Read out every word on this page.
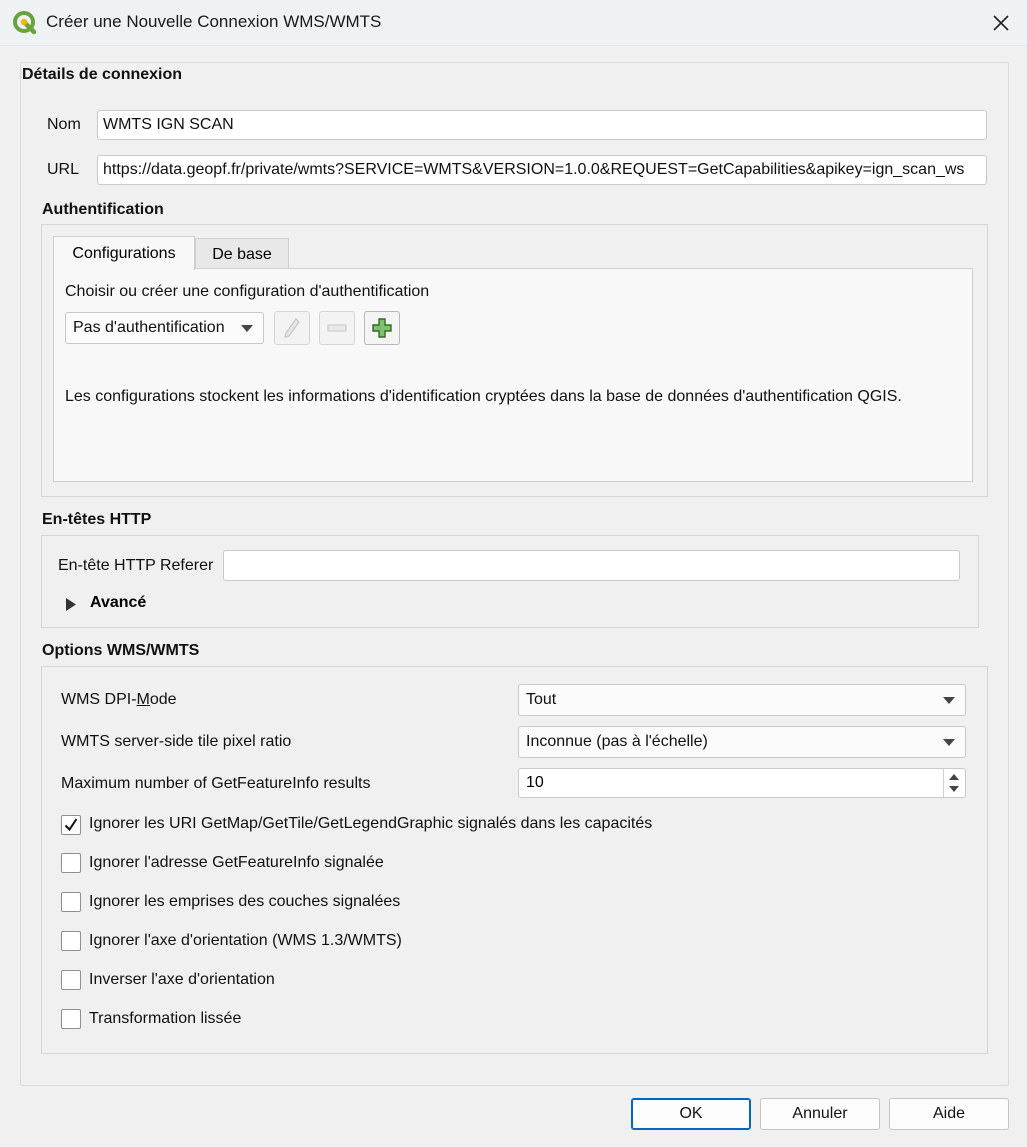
Créer une Nouvelle Connexion WMS/WMTS
Détails de connexion
Nom
WMTS IGN SCAN
URL
https://data.geopf.fr/private/wmts?SERVICE=WMTS&VERSION=1.0.0&REQUEST=GetCapabilities&apikey=ign_scan_ws
Authentification
Configurations De base
Choisir ou créer une configuration d'authentification
Pas d'authentification
Les configurations stockent les informations d'identification cryptées dans la base de données d'authentification QGIS.
En-têtes HTTP
En-tête HTTP Referer
Avancé
Options WMS/WMTS
WMS DPI-Mode	Tout
WMTS server-side tile pixel ratio	Inconnue (pas à l'échelle)
Maximum number of GetFeatureInfo results	10
Ignorer les URI GetMap/GetTile/GetLegendGraphic signalés dans les capacités
Ignorer l'adresse GetFeatureInfo signalée
Ignorer les emprises des couches signalées
Ignorer l'axe d'orientation (WMS 1.3/WMTS)
Inverser l'axe d'orientation
Transformation lissée
OK	Annuler	Aide
